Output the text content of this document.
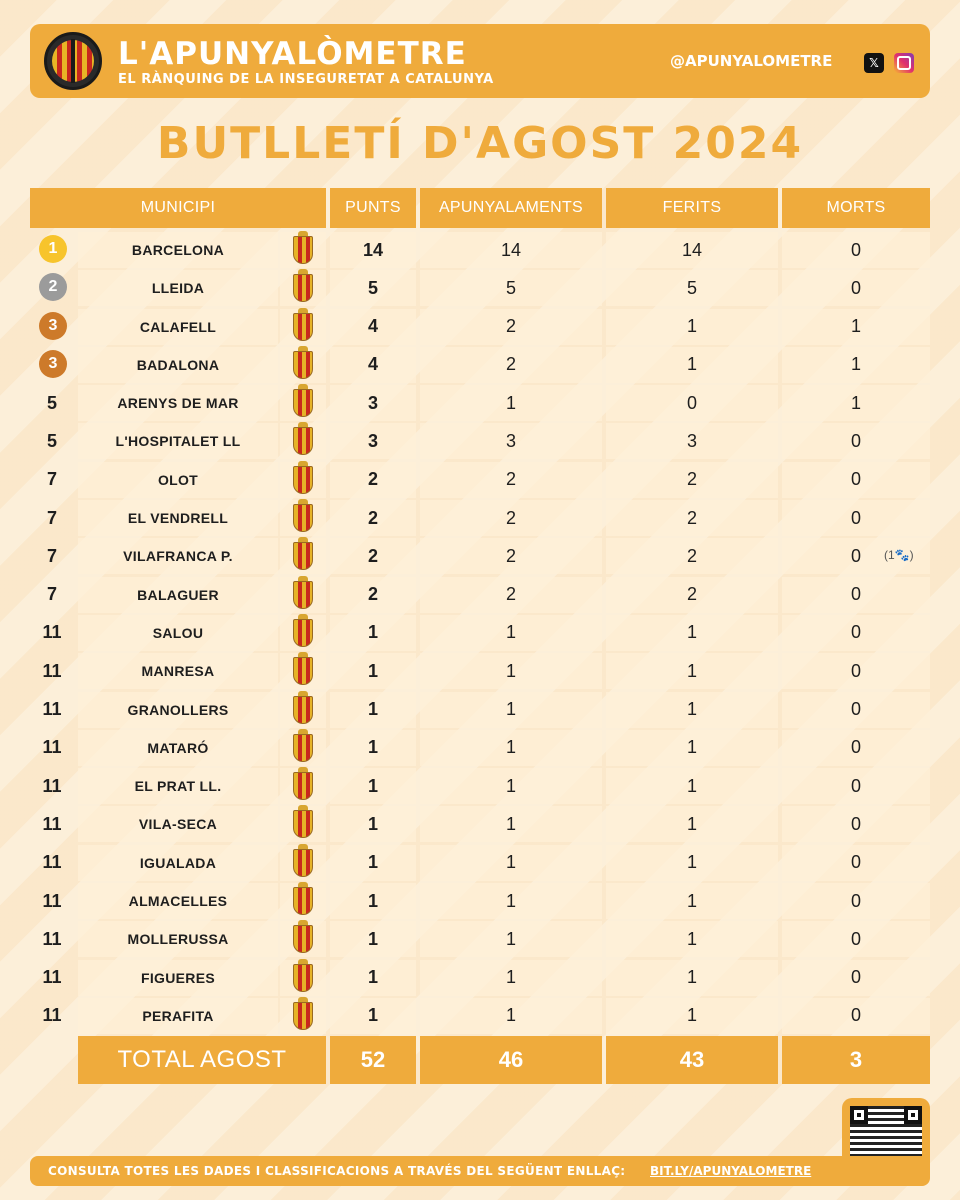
L'APUNYALÒMETRE
EL RÀNQUING DE LA INSEGURETAT A CATALUNYA
@APUNYALOMETRE	𝕏
BUTLLETÍ D'AGOST 2024
MUNICIPI	PUNTS	APUNYALAMENTS	FERITS	MORTS
1	BARCELONA	14	14	14	0
2	LLEIDA	5	5	5	0
3	CALAFELL	4	2	1	1
3	BADALONA	4	2	1	1
5	ARENYS DE MAR	3	1	0	1
5	L'HOSPITALET LL	3	3	3	0
7	OLOT	2	2	2	0
7	EL VENDRELL	2	2	2	0
7	VILAFRANCA P.	2	2	2	0	(1🐾)
7	BALAGUER	2	2	2	0
11	SALOU	1	1	1	0
11	MANRESA	1	1	1	0
11	GRANOLLERS	1	1	1	0
11	MATARÓ	1	1	1	0
11	EL PRAT LL.	1	1	1	0
11	VILA-SECA	1	1	1	0
11	IGUALADA	1	1	1	0
11	ALMACELLES	1	1	1	0
11	MOLLERUSSA	1	1	1	0
11	FIGUERES	1	1	1	0
11	PERAFITA	1	1	1	0
TOTAL AGOST	52	46	43	3
CONSULTA TOTES LES DADES I CLASSIFICACIONS A TRAVÉS DEL SEGÜENT ENLLAÇ: BIT.LY/APUNYALOMETRE
